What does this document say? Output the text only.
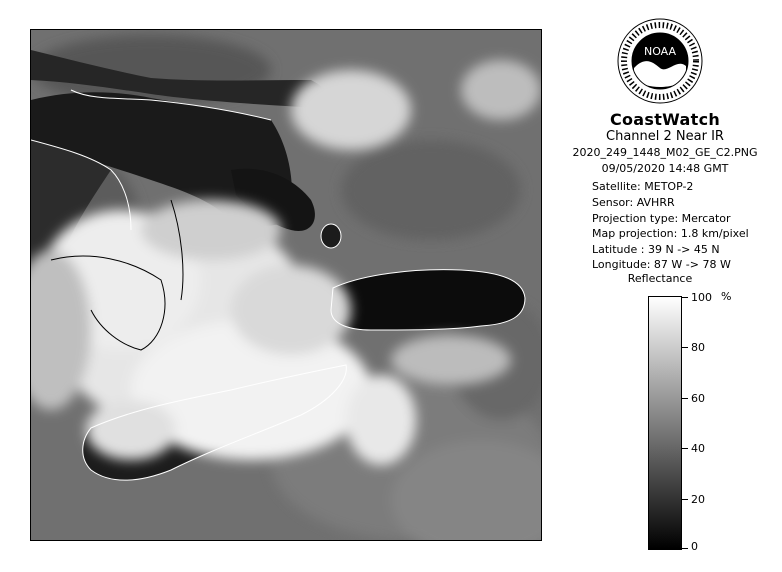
NOAA
CoastWatch
Channel 2 Near IR
2020_249_1448_M02_GE_C2.PNG
09/05/2020 14:48 GMT
Satellite: METOP-2
Sensor: AVHRR
Projection type: Mercator
Map projection: 1.8 km/pixel
Latitude : 39 N -> 45 N
Longitude: 87 W -> 78 W
Reflectance
%
100
80
60
40
20
0
